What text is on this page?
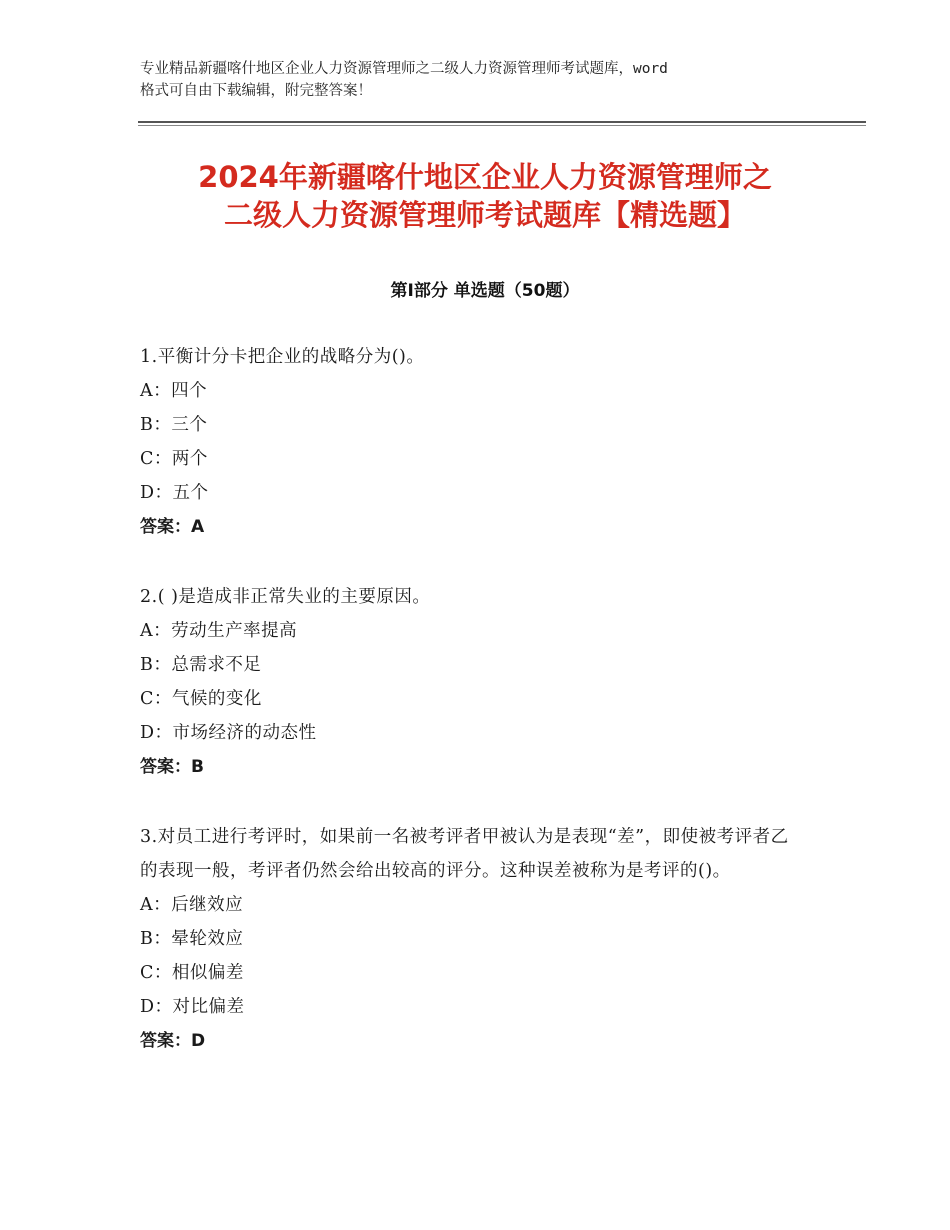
专业精品新疆喀什地区企业人力资源管理师之二级人力资源管理师考试题库，word
格式可自由下载编辑，附完整答案！
2024年新疆喀什地区企业人力资源管理师之
二级人力资源管理师考试题库【精选题】
第Ⅰ部分 单选题（50题）
1.平衡计分卡把企业的战略分为()。
A：四个
B：三个
C：两个
D：五个
答案：A
2.( )是造成非正常失业的主要原因。
A：劳动生产率提高
B：总需求不足
C：气候的变化
D：市场经济的动态性
答案：B
3.对员工进行考评时，如果前一名被考评者甲被认为是表现“差”，即使被考评者乙的表现一般，考评者仍然会给出较高的评分。这种误差被称为是考评的()。
A：后继效应
B：晕轮效应
C：相似偏差
D：对比偏差
答案：D
